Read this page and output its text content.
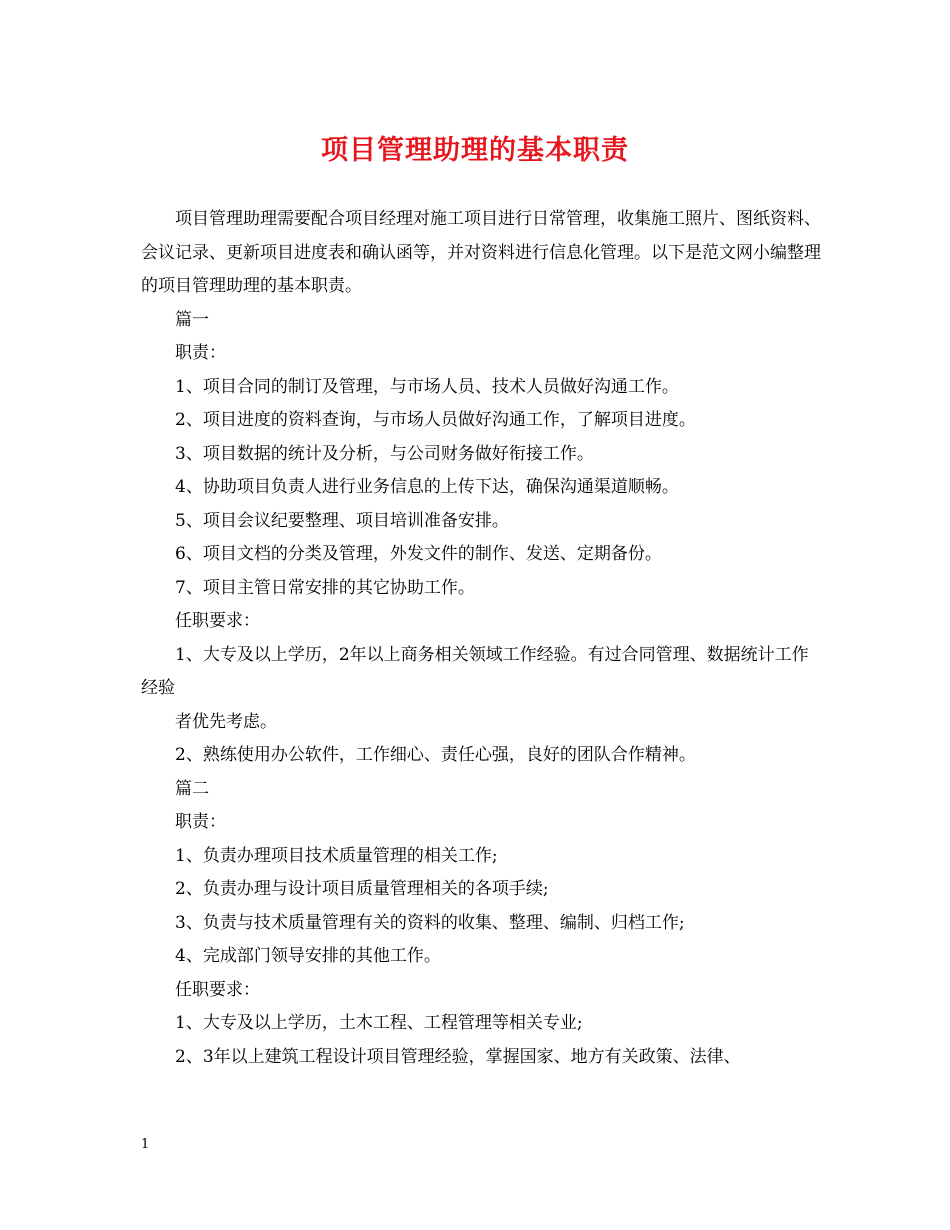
项目管理助理的基本职责

项目管理助理需要配合项目经理对施工项目进行日常管理，收集施工照片、图纸资料、会议记录、更新项目进度表和确认函等，并对资料进行信息化管理。以下是范文网小编整理的项目管理助理的基本职责。

篇一

职责：

1、项目合同的制订及管理，与市场人员、技术人员做好沟通工作。

2、项目进度的资料查询，与市场人员做好沟通工作，了解项目进度。

3、项目数据的统计及分析，与公司财务做好衔接工作。

4、协助项目负责人进行业务信息的上传下达，确保沟通渠道顺畅。

5、项目会议纪要整理、项目培训准备安排。

6、项目文档的分类及管理，外发文件的制作、发送、定期备份。

7、项目主管日常安排的其它协助工作。

任职要求：

1、大专及以上学历，2年以上商务相关领域工作经验。有过合同管理、数据统计工作经验

者优先考虑。

2、熟练使用办公软件，工作细心、责任心强，良好的团队合作精神。

篇二

职责：

1、负责办理项目技术质量管理的相关工作;

2、负责办理与设计项目质量管理相关的各项手续;

3、负责与技术质量管理有关的资料的收集、整理、编制、归档工作;

4、完成部门领导安排的其他工作。

任职要求：

1、大专及以上学历，土木工程、工程管理等相关专业;

2、3年以上建筑工程设计项目管理经验，掌握国家、地方有关政策、法律、

1
